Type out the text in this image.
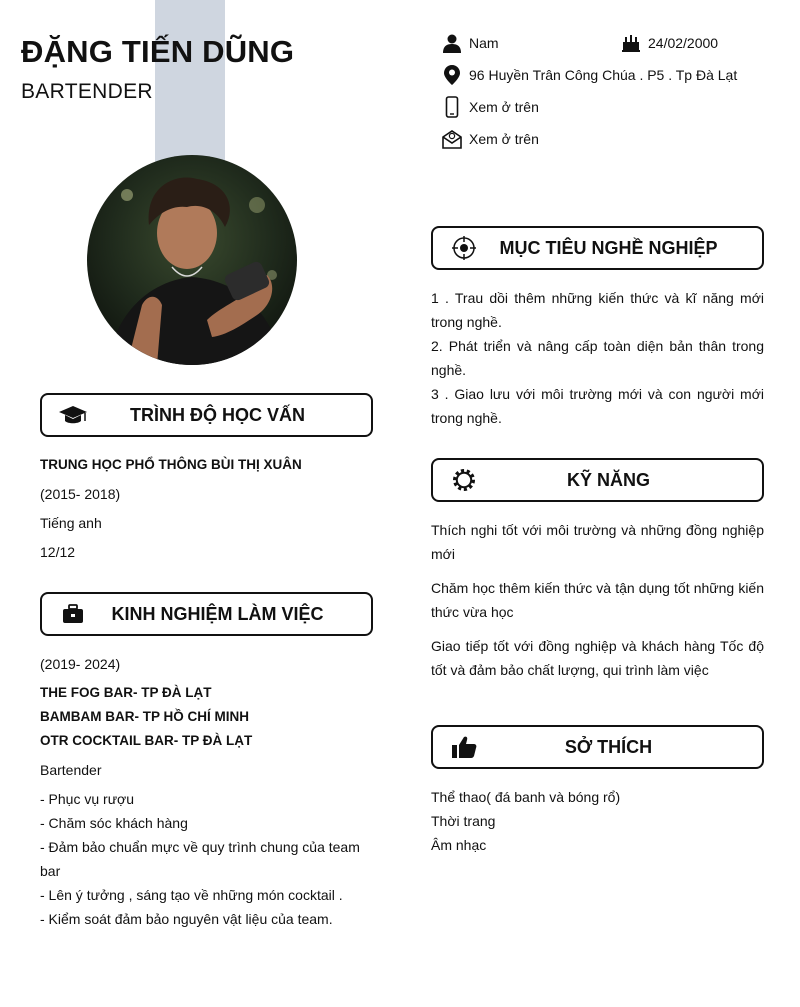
ĐẶNG TIẾN DŨNG
BARTENDER
Nam	24/02/2000
96 Huyền Trân Công Chúa . P5 . Tp Đà Lạt
Xem ở trên
Xem ở trên
TRÌNH ĐỘ HỌC VẤN
TRUNG HỌC PHỔ THÔNG BÙI THỊ XUÂN
(2015- 2018)
Tiếng anh
12/12
KINH NGHIỆM LÀM VIỆC
(2019- 2024)
THE FOG BAR- TP ĐÀ LẠT
BAMBAM BAR- TP HỒ CHÍ MINH
OTR COCKTAIL BAR- TP ĐÀ LẠT
Bartender
- Phục vụ rượu
- Chăm sóc khách hàng
- Đảm bảo chuẩn mực về quy trình chung của team bar
- Lên ý tưởng , sáng tạo về những món cocktail .
- Kiểm soát đảm bảo nguyên vật liệu của team.
MỤC TIÊU NGHỀ NGHIỆP
1 . Trau dồi thêm những kiến thức và kĩ năng mới trong nghề.
2. Phát triển và nâng cấp toàn diện bản thân trong nghề.
3 . Giao lưu với môi trường mới và con người mới trong nghề.
KỸ NĂNG
Thích nghi tốt với môi trường và những đồng nghiệp mới
Chăm học thêm kiến thức và tận dụng tốt những kiến thức vừa học
Giao tiếp tốt với đồng nghiệp và khách hàng Tốc độ tốt và đảm bảo chất lượng, qui trình làm việc
SỞ THÍCH
Thể thao( đá banh và bóng rổ)
Thời trang
Âm nhạc
